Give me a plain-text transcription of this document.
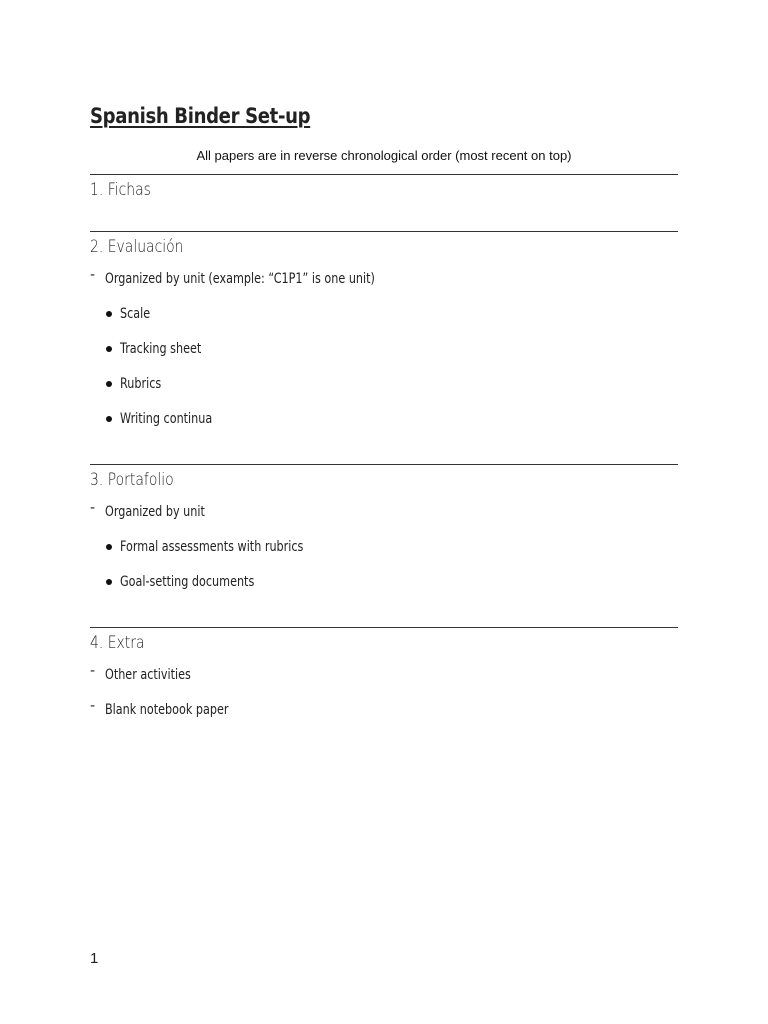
Spanish Binder Set-up
All papers are in reverse chronological order (most recent on top)
1. Fichas
2. Evaluación
- Organized by unit (example: “C1P1” is one unit)
Scale
Tracking sheet
Rubrics
Writing continua
3. Portafolio
- Organized by unit
Formal assessments with rubrics
Goal-setting documents
4. Extra
- Other activities
- Blank notebook paper
1
